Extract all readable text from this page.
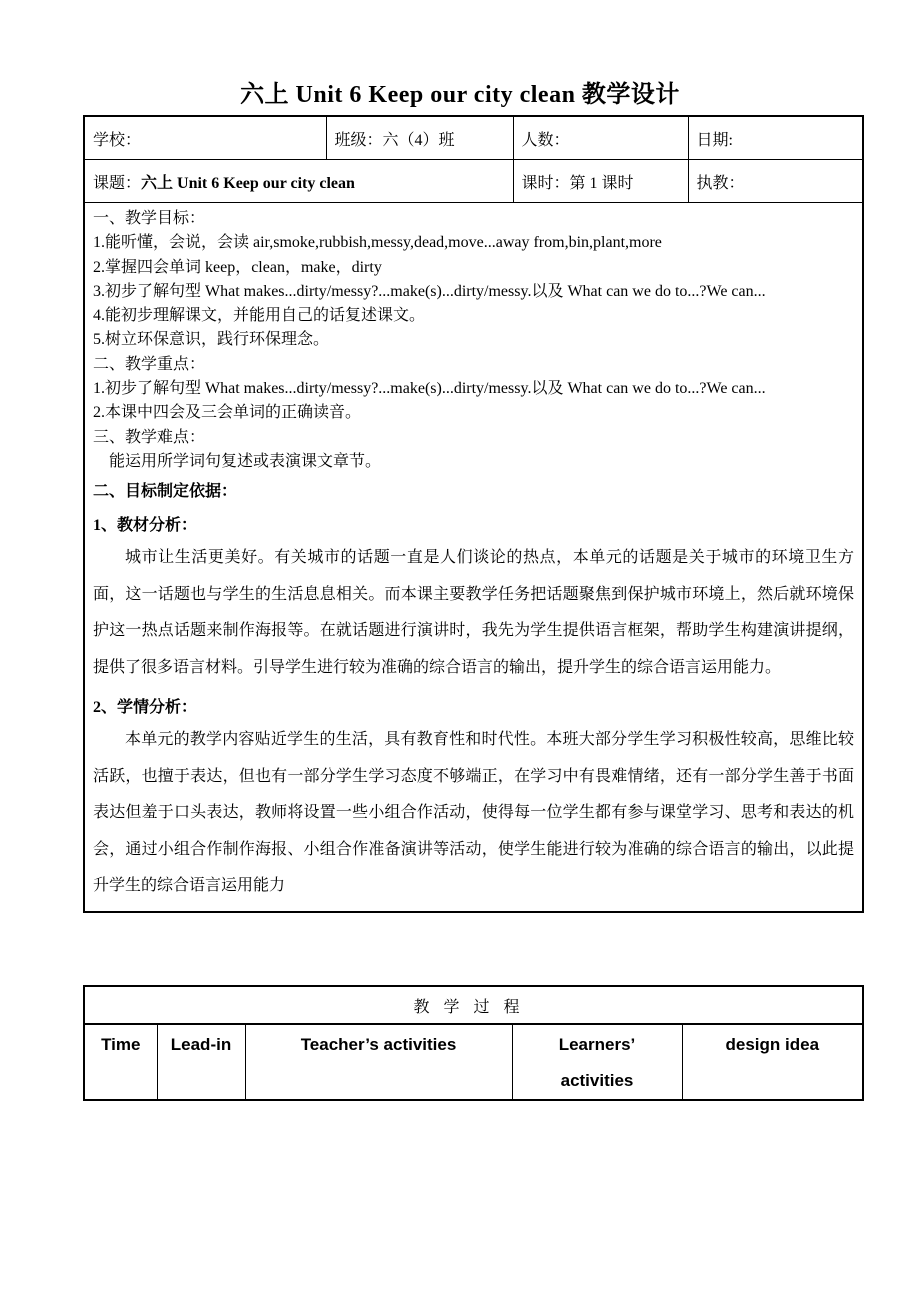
六上 Unit 6 Keep our city clean 教学设计
学校：	班级：六（4）班	人数：	日期:
课题：六上 Unit 6 Keep our city clean		课时：第 1 课时	执教：

一、教学目标：
1.能听懂，会说，会读 air,smoke,rubbish,messy,dead,move...away from,bin,plant,more
2.掌握四会单词 keep，clean，make，dirty
3.初步了解句型 What makes...dirty/messy?...make(s)...dirty/messy.以及 What can we do to...?We can...
4.能初步理解课文，并能用自己的话复述课文。
5.树立环保意识，践行环保理念。
二、教学重点：
1.初步了解句型 What makes...dirty/messy?...make(s)...dirty/messy.以及 What can we do to...?We can...
2.本课中四会及三会单词的正确读音。
三、教学难点：
能运用所学词句复述或表演课文章节。
二、目标制定依据：
1、教材分析：
城市让生活更美好。有关城市的话题一直是人们谈论的热点，本单元的话题是关于城市的环境卫生方面，这一话题也与学生的生活息息相关。而本课主要教学任务把话题聚焦到保护城市环境上，然后就环境保护这一热点话题来制作海报等。在就话题进行演讲时，我先为学生提供语言框架，帮助学生构建演讲提纲，提供了很多语言材料。引导学生进行较为准确的综合语言的输出，提升学生的综合语言运用能力。
2、学情分析：
本单元的教学内容贴近学生的生活，具有教育性和时代性。本班大部分学生学习积极性较高，思维比较活跃，也擅于表达，但也有一部分学生学习态度不够端正，在学习中有畏难情绪，还有一部分学生善于书面表达但羞于口头表达，教师将设置一些小组合作活动，使得每一位学生都有参与课堂学习、思考和表达的机会，通过小组合作制作海报、小组合作准备演讲等活动，使学生能进行较为准确的综合语言的输出，以此提升学生的综合语言运用能力
教学过程
Time	Lead-in	Teacher’s activities	Learners’ activities	design idea
